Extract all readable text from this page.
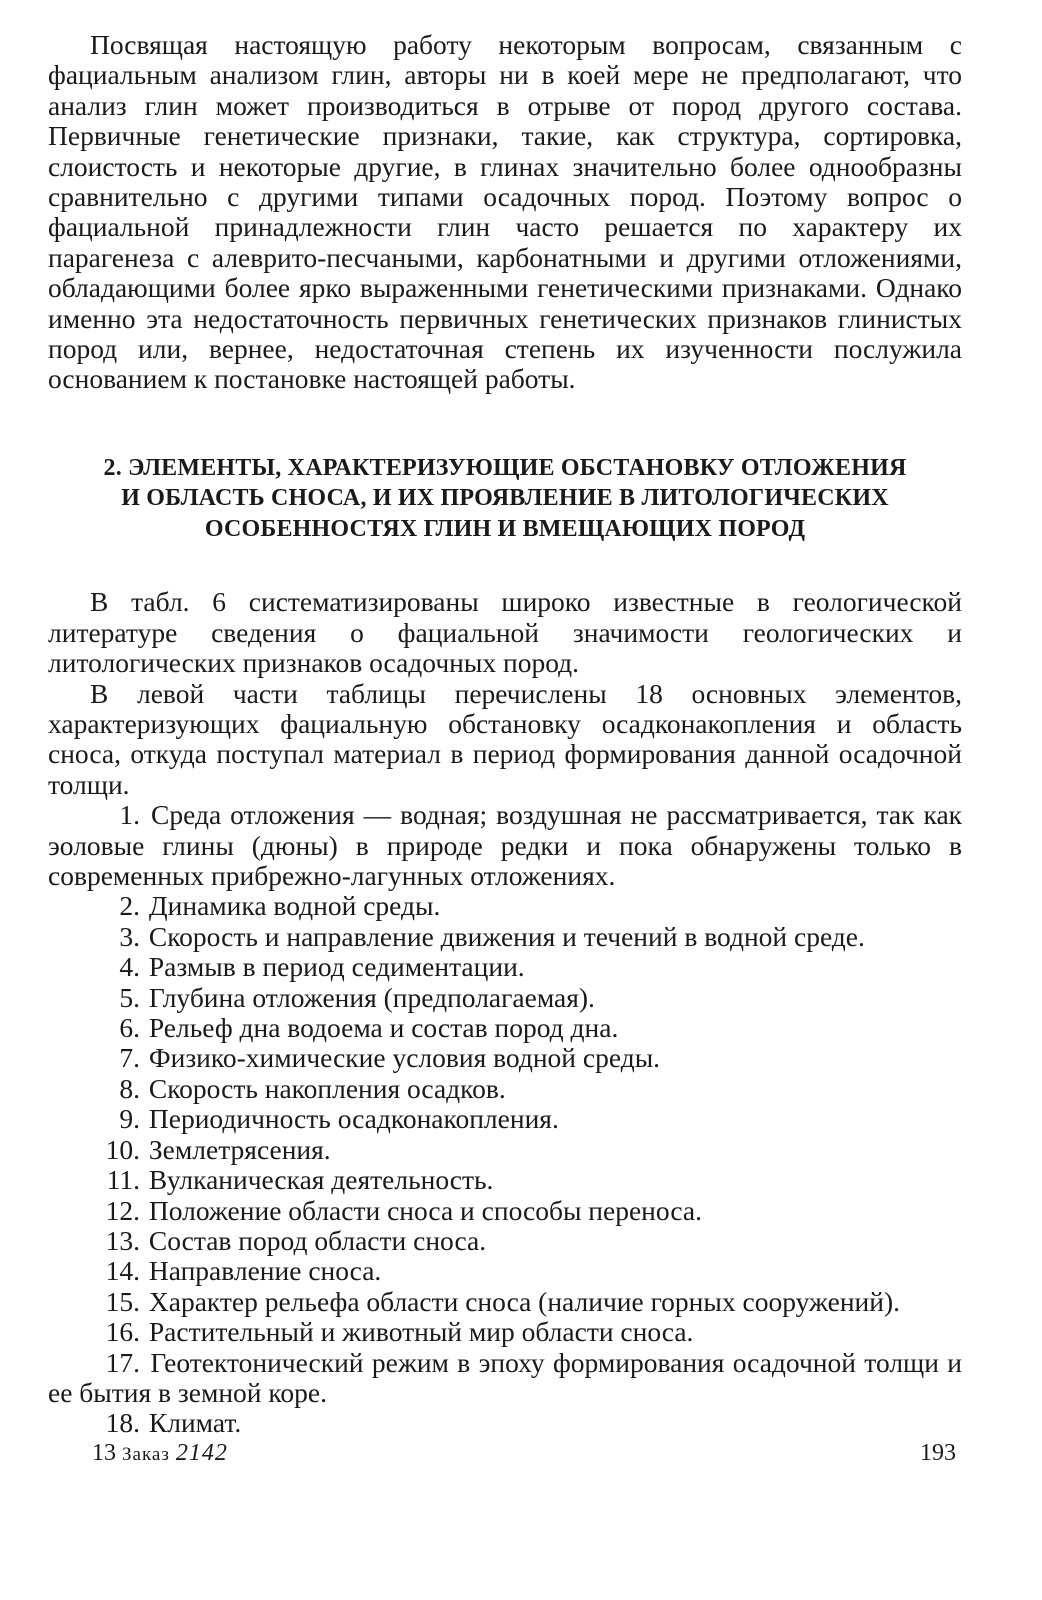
Посвящая настоящую работу некоторым вопросам, связанным с фациальным анализом глин, авторы ни в коей мере не предполагают, что анализ глин может производиться в отрыве от пород другого состава. Первичные генетические признаки, такие, как структура, сортировка, слоистость и некоторые другие, в глинах значительно более однообразны сравнительно с другими типами осадочных пород. Поэтому вопрос о фациальной принадлежности глин часто решается по характеру их парагенеза с алеврито-песчаными, карбонатными и другими отложениями, обладающими более ярко выраженными генетическими признаками. Однако именно эта недостаточность первичных генетических признаков глинистых пород или, вернее, недостаточная степень их изученности послужила основанием к постановке настоящей работы.

2. ЭЛЕМЕНТЫ, ХАРАКТЕРИЗУЮЩИЕ ОБСТАНОВКУ ОТЛОЖЕНИЯ
И ОБЛАСТЬ СНОСА, И ИХ ПРОЯВЛЕНИЕ В ЛИТОЛОГИЧЕСКИХ
ОСОБЕННОСТЯХ ГЛИН И ВМЕЩАЮЩИХ ПОРОД

В табл. 6 систематизированы широко известные в геологической литературе сведения о фациальной значимости геологических и литологических признаков осадочных пород.

В левой части таблицы перечислены 18 основных элементов, характеризующих фациальную обстановку осадконакопления и область сноса, откуда поступал материал в период формирования данной осадочной толщи.

1. Среда отложения — водная; воздушная не рассматривается, так как эоловые глины (дюны) в природе редки и пока обнаружены только в современных прибрежно-лагунных отложениях.
2. Динамика водной среды.
3. Скорость и направление движения и течений в водной среде.
4. Размыв в период седиментации.
5. Глубина отложения (предполагаемая).
6. Рельеф дна водоема и состав пород дна.
7. Физико-химические условия водной среды.
8. Скорость накопления осадков.
9. Периодичность осадконакопления.
10. Землетрясения.
11. Вулканическая деятельность.
12. Положение области сноса и способы переноса.
13. Состав пород области сноса.
14. Направление сноса.
15. Характер рельефа области сноса (наличие горных сооружений).
16. Растительный и животный мир области сноса.
17. Геотектонический режим в эпоху формирования осадочной толщи и ее бытия в земной коре.
18. Климат.
13 Заказ 2142	193
